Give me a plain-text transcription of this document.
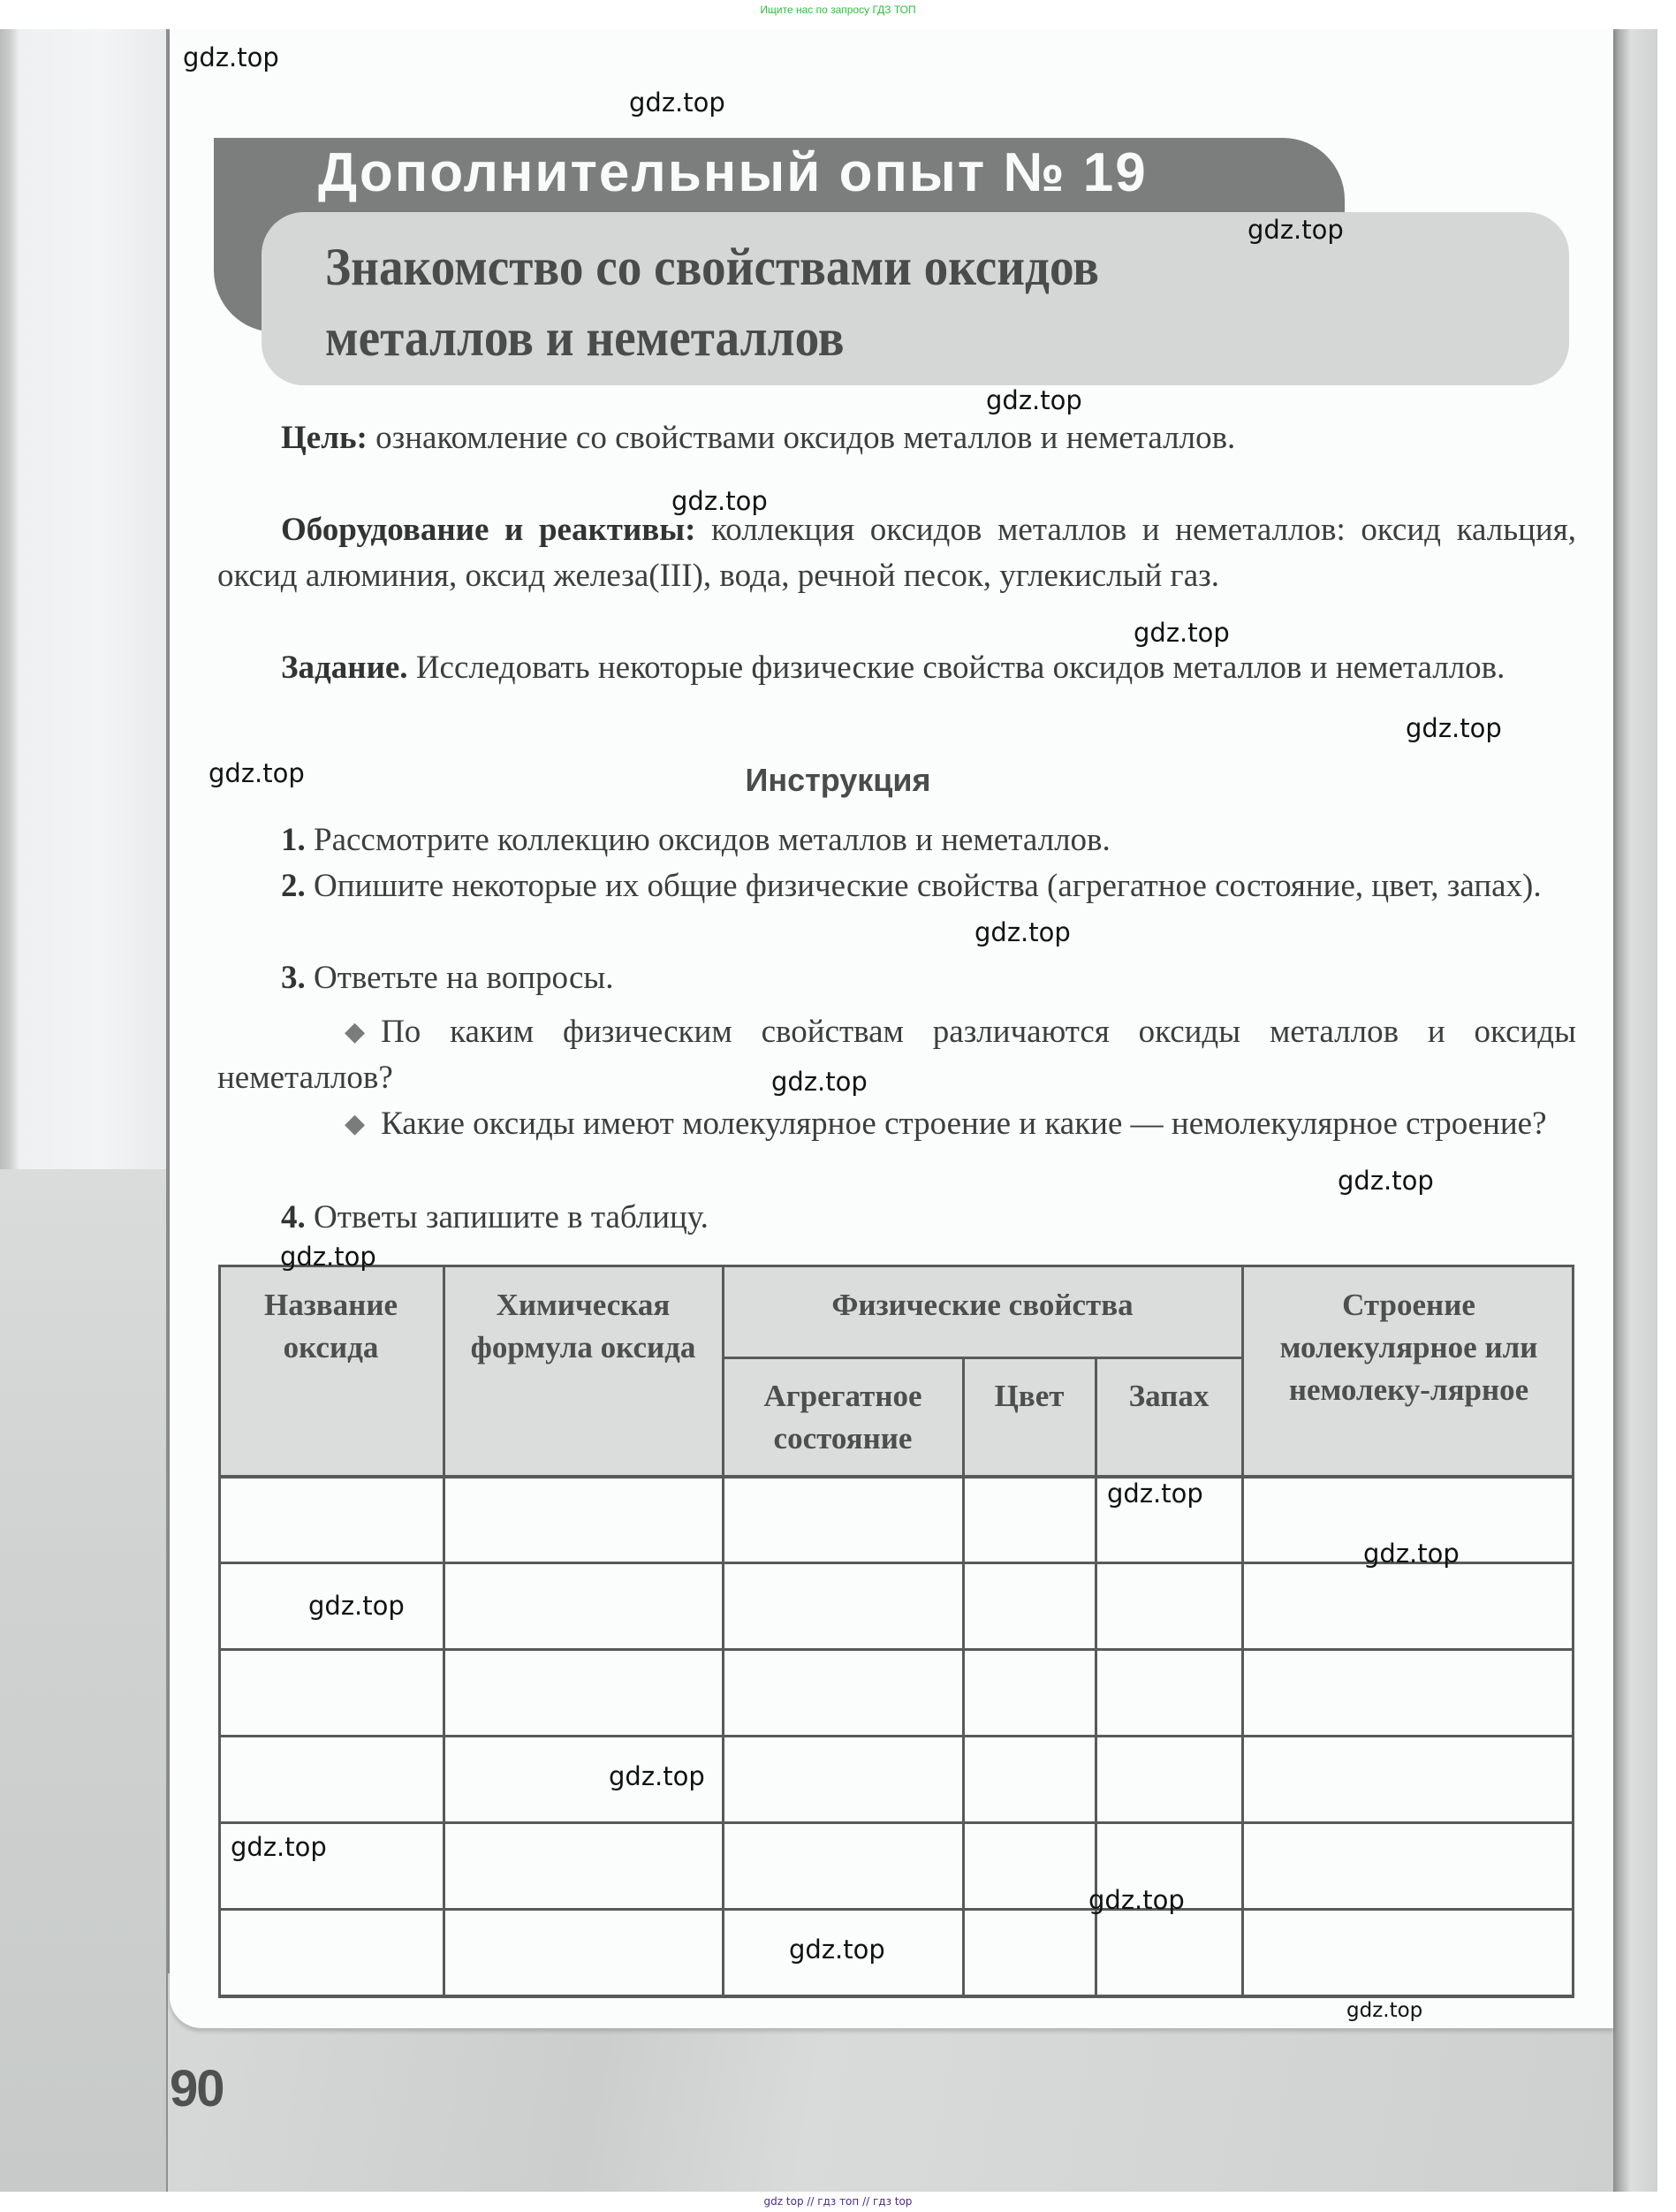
Ищите нас по запросу ГДЗ ТОП
Дополнительный опыт № 19
Знакомство со свойствами оксидов
металлов и неметаллов
Цель: ознакомление со свойствами оксидов металлов и неметаллов.
Оборудование и реактивы: коллекция оксидов металлов и неметаллов: оксид кальция, оксид алюминия, оксид железа(III), вода, речной песок, углекислый газ.
Задание. Исследовать некоторые физические свойства оксидов металлов и неметаллов.
Инструкция
1. Рассмотрите коллекцию оксидов металлов и неметаллов.
2. Опишите некоторые их общие физические свойства (агрегатное состояние, цвет, запах).
3. Ответьте на вопросы.
◆ По каким физическим свойствам различаются оксиды металлов и оксиды неметаллов?
◆ Какие оксиды имеют молекулярное строение и какие — немолекулярное строение?
4. Ответы запишите в таблицу.
Название оксида
Химическая формула оксида
Физические свойства
Агрегатное состояние
Цвет	Запах
Строение молекулярное или немолеку-лярное
gdz.top
gdz.top
gdz.top
gdz.top
gdz.top
gdz.top
gdz.top
gdz.top
gdz.top
gdz.top
gdz.top
gdz.top
gdz.top
gdz.top
gdz.top
gdz.top
gdz.top
gdz.top
gdz.top
gdz.top
90
gdz top // гдз топ // гдз top
